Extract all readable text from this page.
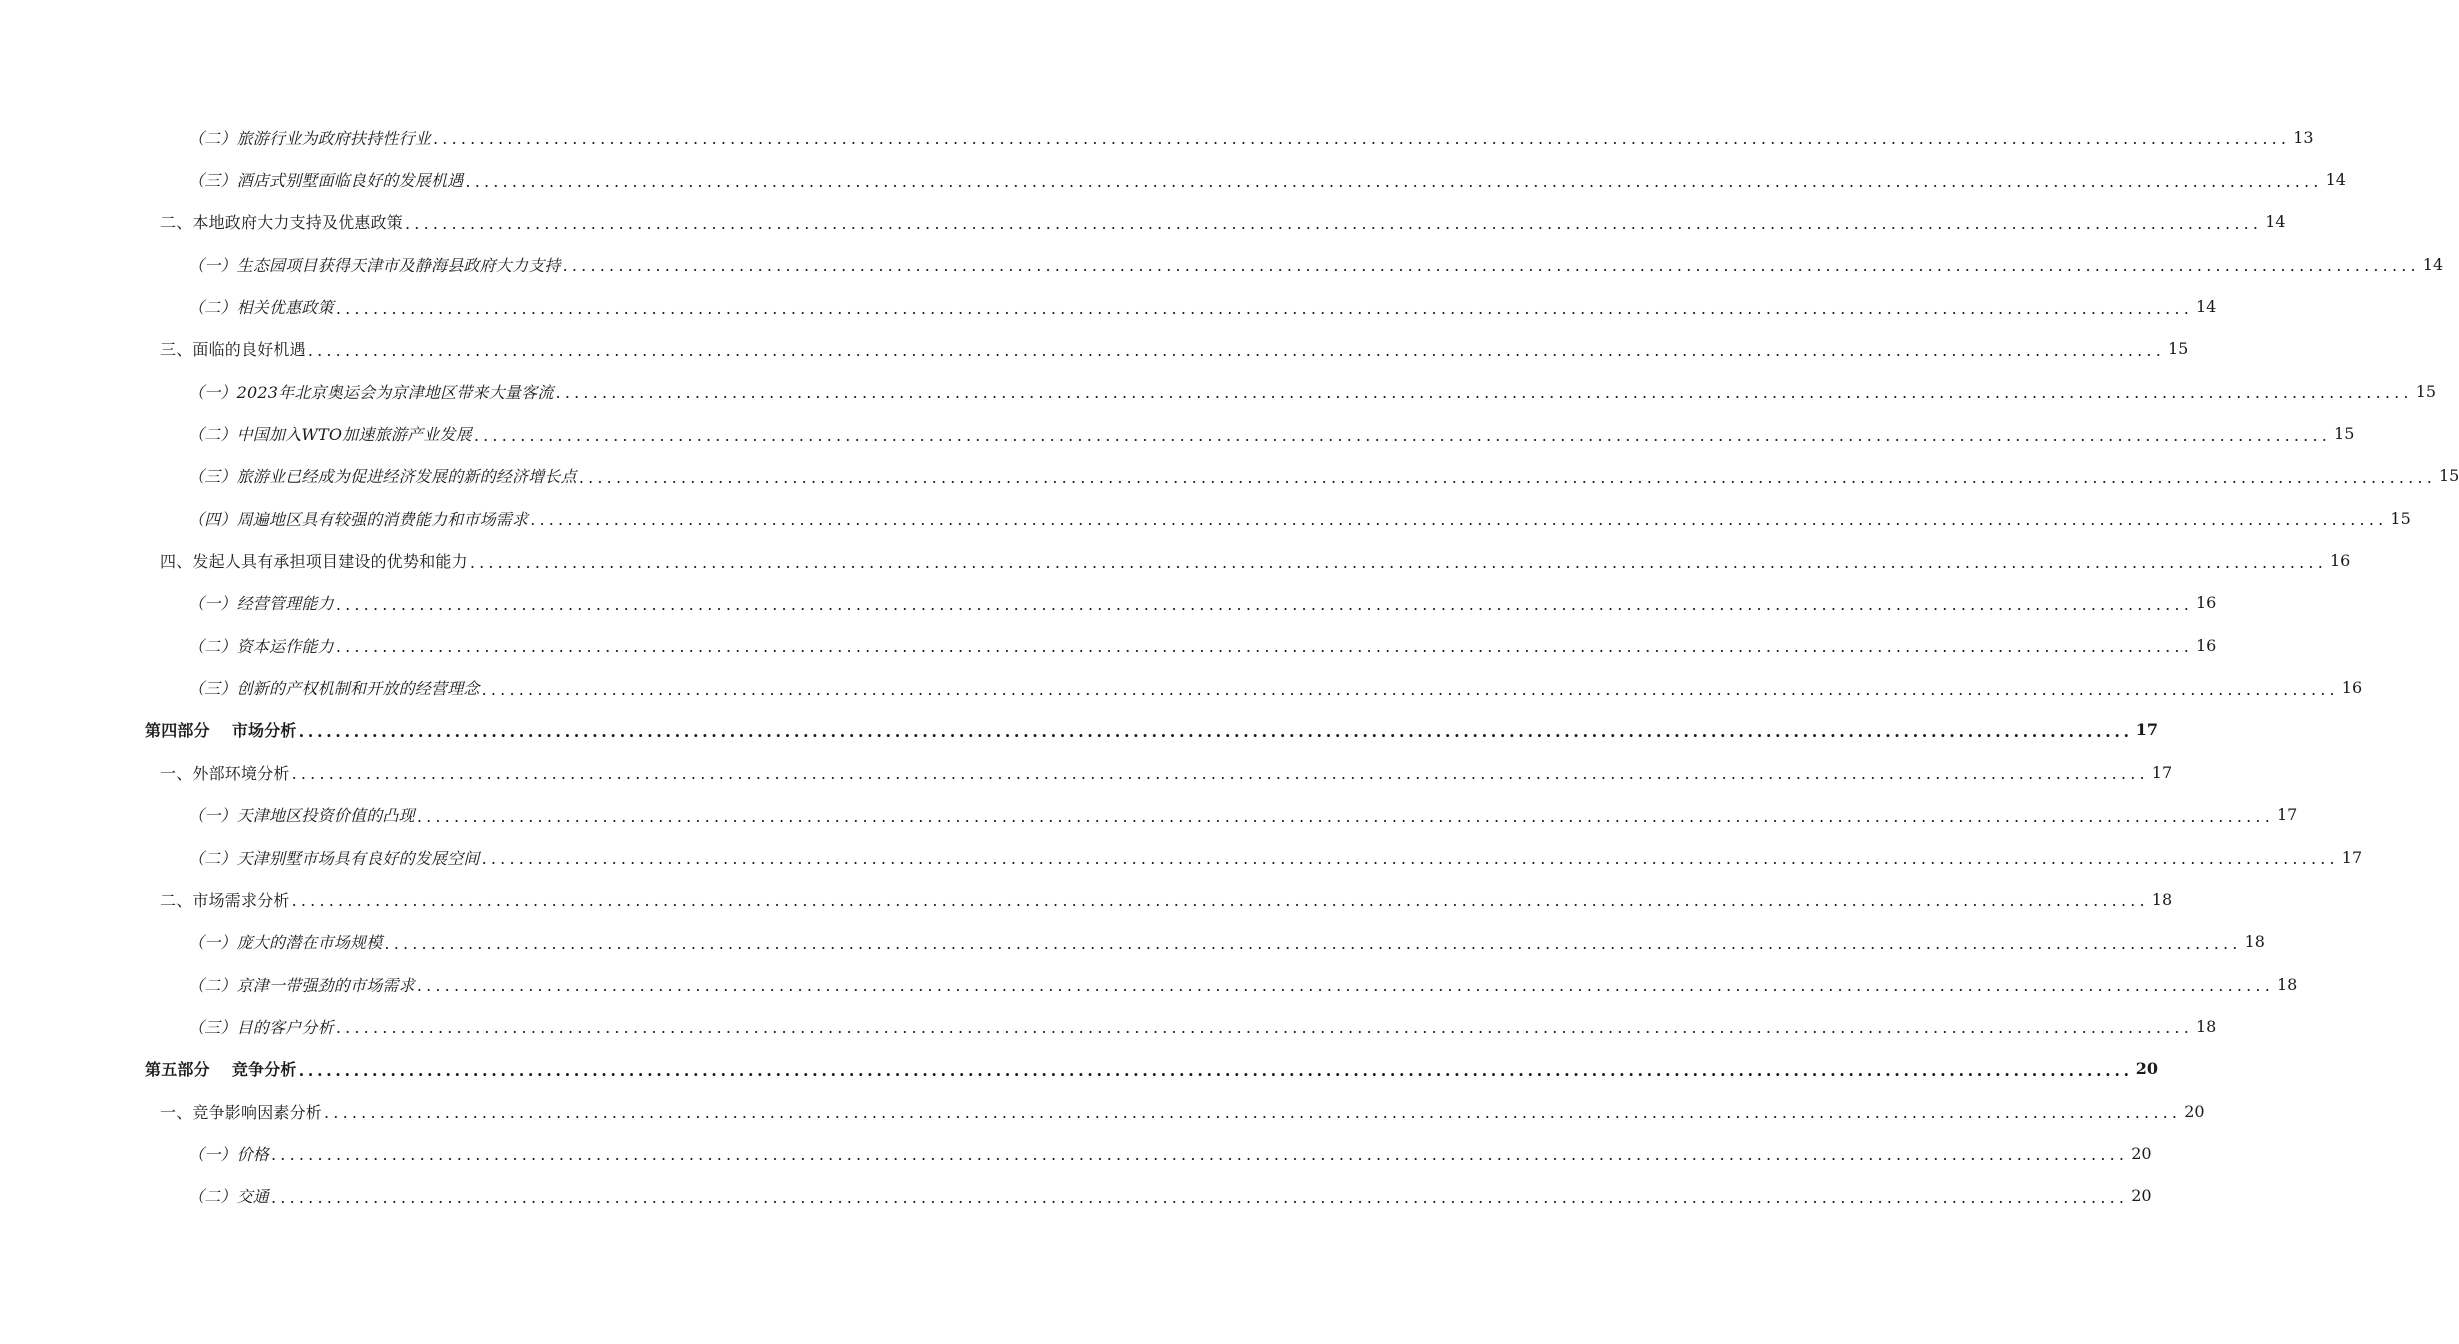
（二）旅游行业为政府扶持性行业 ........................................................................................................................................................................................................ 13
（三）酒店式别墅面临良好的发展机遇 ........................................................................................................................................................................................................ 14
二、本地政府大力支持及优惠政策 ........................................................................................................................................................................................................ 14
（一）生态园项目获得天津市及静海县政府大力支持 ........................................................................................................................................................................................................ 14
（二）相关优惠政策 ........................................................................................................................................................................................................ 14
三、面临的良好机遇 ........................................................................................................................................................................................................ 15
（一）2023年北京奥运会为京津地区带来大量客流 ........................................................................................................................................................................................................ 15
（二）中国加入WTO加速旅游产业发展 ........................................................................................................................................................................................................ 15
（三）旅游业已经成为促进经济发展的新的经济增长点 ........................................................................................................................................................................................................ 15
（四）周遍地区具有较强的消费能力和市场需求 ........................................................................................................................................................................................................ 15
四、发起人具有承担项目建设的优势和能力 ........................................................................................................................................................................................................ 16
（一）经营管理能力 ........................................................................................................................................................................................................ 16
（二）资本运作能力 ........................................................................................................................................................................................................ 16
（三）创新的产权机制和开放的经营理念 ........................................................................................................................................................................................................ 16
第四部分 市场分析 ........................................................................................................................................................................................................ 17
一、外部环境分析 ........................................................................................................................................................................................................ 17
（一）天津地区投资价值的凸现 ........................................................................................................................................................................................................ 17
（二）天津别墅市场具有良好的发展空间 ........................................................................................................................................................................................................ 17
二、市场需求分析 ........................................................................................................................................................................................................ 18
（一）庞大的潜在市场规模 ........................................................................................................................................................................................................ 18
（二）京津一带强劲的市场需求 ........................................................................................................................................................................................................ 18
（三）目的客户分析 ........................................................................................................................................................................................................ 18
第五部分 竞争分析 ........................................................................................................................................................................................................ 20
一、竞争影响因素分析 ........................................................................................................................................................................................................ 20
（一）价格 ........................................................................................................................................................................................................ 20
（二）交通 ........................................................................................................................................................................................................ 20
